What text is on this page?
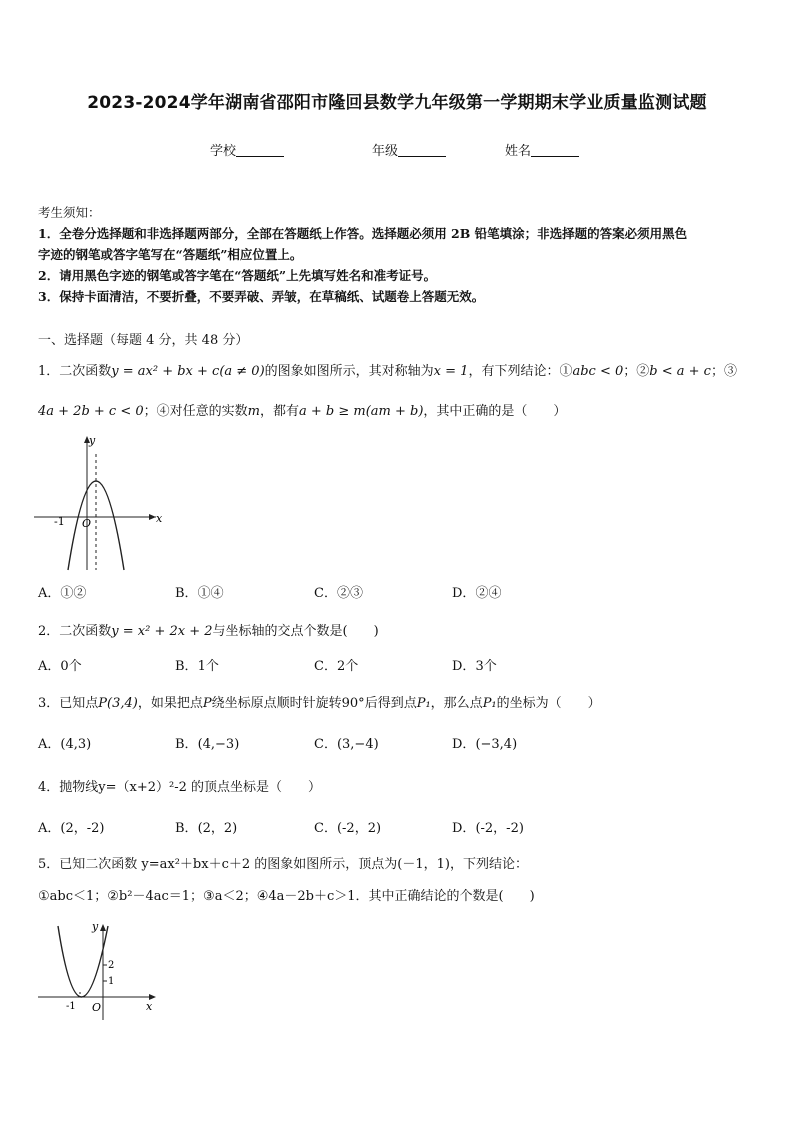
2023-2024学年湖南省邵阳市隆回县数学九年级第一学期期末学业质量监测试题
学校	年级	姓名
考生须知：
1．全卷分选择题和非选择题两部分，全部在答题纸上作答。选择题必须用 2B 铅笔填涂；非选择题的答案必须用黑色
字迹的钢笔或答字笔写在“答题纸”相应位置上。
2．请用黑色字迹的钢笔或答字笔在“答题纸”上先填写姓名和准考证号。
3．保持卡面清洁，不要折叠，不要弄破、弄皱，在草稿纸、试题卷上答题无效。
一、选择题（每题 4 分，共 48 分）
1．二次函数y = ax² + bx + c(a ≠ 0)的图象如图所示，其对称轴为x = 1，有下列结论：①abc < 0；②b < a + c；③
4a + 2b + c < 0；④对任意的实数m，都有a + b ≥ m(am + b)，其中正确的是（　　）
y
x
-1 O
A．①②	B．①④	C．②③	D．②④
2．二次函数y = x² + 2x + 2与坐标轴的交点个数是(　　)
A．0个	B．1个	C．2个	D．3个
3．已知点P(3,4)，如果把点P绕坐标原点顺时针旋转90°后得到点P₁，那么点P₁的坐标为（　　）
A．(4,3)	B．(4,−3)	C．(3,−4)	D．(−3,4)
4．抛物线y=（x+2）²-2 的顶点坐标是（　　）
A．(2，-2)	B．(2，2)	C．(-2，2)	D．(-2，-2)
5．已知二次函数 y=ax²＋bx＋c＋2 的图象如图所示，顶点为(－1，1)，下列结论：
①abc＜1；②b²－4ac＝1；③a＜2；④4a－2b＋c＞1．其中正确结论的个数是(　　)
y
x
2
1
-1 O
